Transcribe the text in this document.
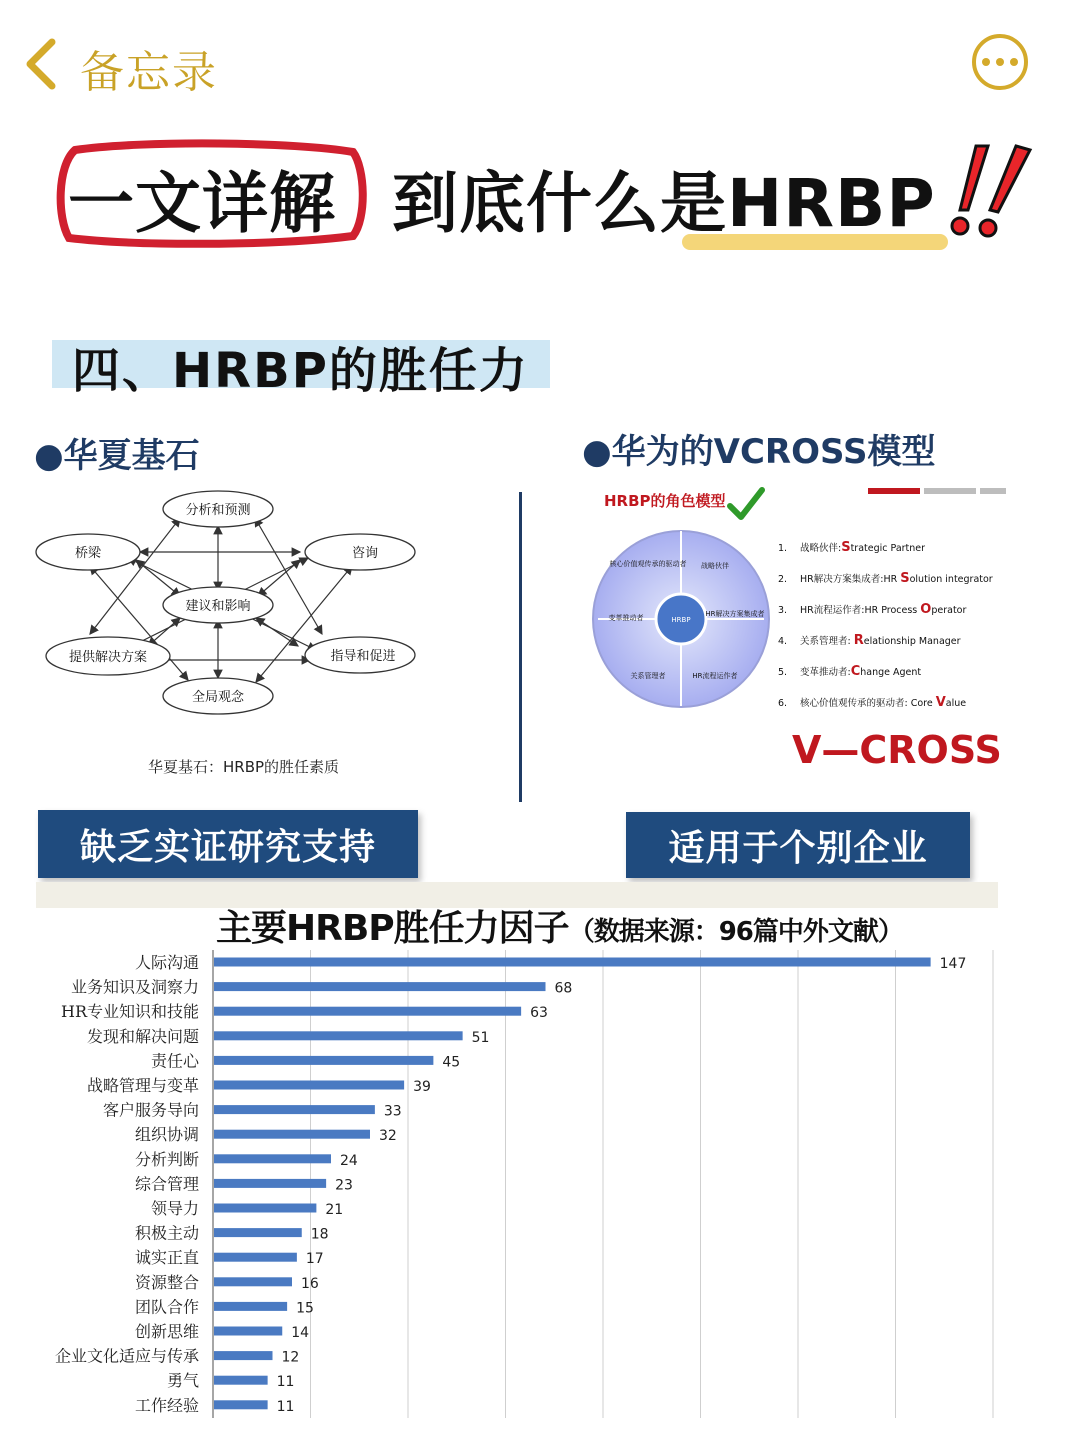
备忘录
一文详解 到底什么是HRBP
四、HRBP的胜任力
●华夏基石	●华为的VCROSS模型
分析和预测
桥梁	咨询
建议和影响
提供解决方案	指导和促进
全局观念
华夏基石：HRBP的胜任素质
HRBP的角色模型
HRBP
核心价值观传承的驱动者 战略伙伴
HR解决方案集成者
HR流程运作者
关系管理者
变革推动者
1. 战略伙伴:Strategic Partner
2. HR解决方案集成者:HR Solution integrator
3. HR流程运作者:HR Process Operator
4. 关系管理者: Relationship Manager
5. 变革推动者:Change Agent
6. 核心价值观传承的驱动者: Core Value
V—CROSS
缺乏实证研究支持	适用于个别企业
主要HRBP胜任力因子（数据来源：96篇中外文献）
人际沟通	147
业务知识及洞察力	68
HR专业知识和技能	63
发现和解决问题	51
责任心	45
战略管理与变革	39
客户服务导向	33
组织协调	32
分析判断	24
综合管理	23
领导力	21
积极主动	18
诚实正直	17
资源整合	16
团队合作	15
创新思维	14
企业文化适应与传承	12
勇气	11
工作经验	11
